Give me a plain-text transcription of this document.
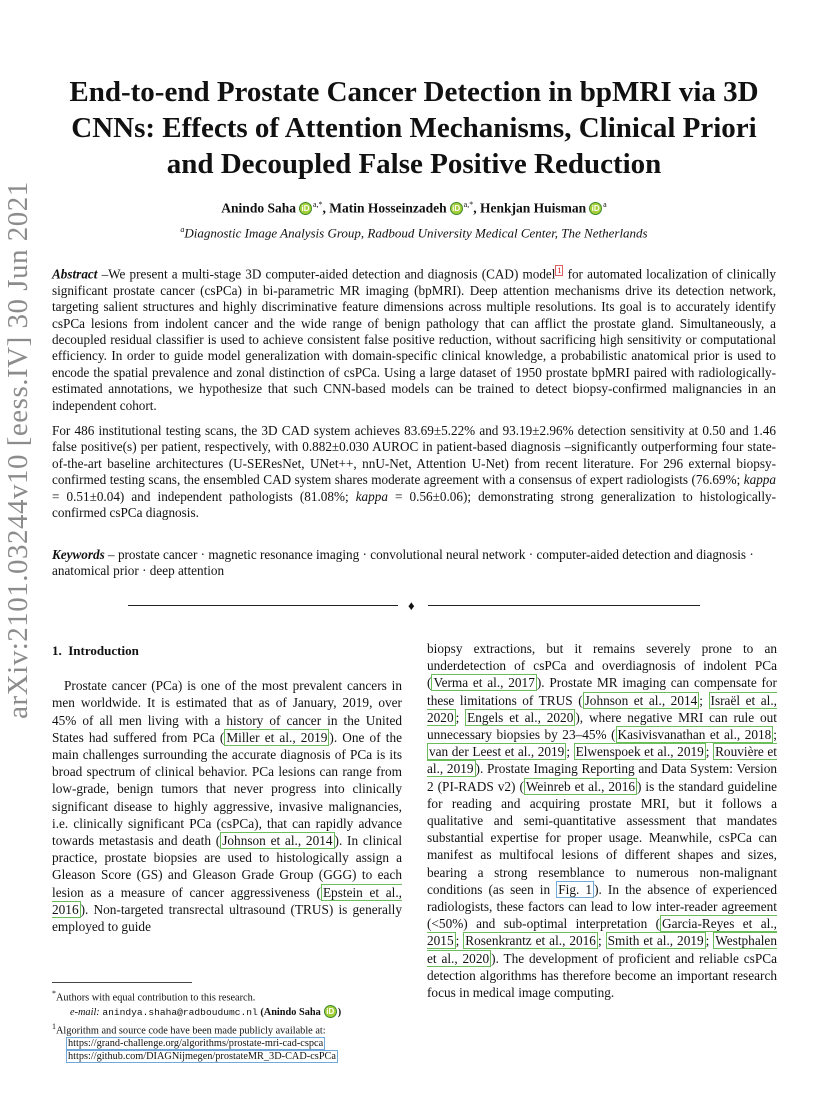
arXiv:2101.03244v10 [eess.IV] 30 Jun 2021
End-to-end Prostate Cancer Detection in bpMRI via 3D CNNs: Effects of Attention Mechanisms, Clinical Priori and Decoupled False Positive Reduction
Anindo Saha iD $^{a,*}$, Matin Hosseinzadeh iD $^{a,*}$, Henkjan Huisman iD $^a$
$^a$Diagnostic Image Analysis Group, Radboud University Medical Center, The Netherlands

Abstract –We present a multi-stage 3D computer-aided detection and diagnosis (CAD) model $^1$ for automated localization of clinically significant prostate cancer (csPCa) in bi-parametric MR imaging (bpMRI). Deep attention mechanisms drive its detection network, targeting salient structures and highly discriminative feature dimensions across multiple resolutions. Its goal is to accurately identify csPCa lesions from indolent cancer and the wide range of benign pathology that can afflict the prostate gland. Simultaneously, a decoupled residual classifier is used to achieve consistent false positive reduction, without sacrificing high sensitivity or computational efficiency. In order to guide model generalization with domain-specific clinical knowledge, a probabilistic anatomical prior is used to encode the spatial prevalence and zonal distinction of csPCa. Using a large dataset of 1950 prostate bpMRI paired with radiologically-estimated annotations, we hypothesize that such CNN-based models can be trained to detect biopsy-confirmed malignancies in an independent cohort.

For 486 institutional testing scans, the 3D CAD system achieves 83.69±5.22% and 93.19±2.96% detection sensitivity at 0.50 and 1.46 false positive(s) per patient, respectively, with 0.882±0.030 AUROC in patient-based diagnosis –significantly outperforming four state-of-the-art baseline architectures (U-SEResNet, UNet++, nnU-Net, Attention U-Net) from recent literature. For 296 external biopsy-confirmed testing scans, the ensembled CAD system shares moderate agreement with a consensus of expert radiologists (76.69%; kappa = 0.51±0.04) and independent pathologists (81.08%; kappa = 0.56±0.06); demonstrating strong generalization to histologically-confirmed csPCa diagnosis.

Keywords – prostate cancer · magnetic resonance imaging · convolutional neural network · computer-aided detection and diagnosis · anatomical prior · deep attention
♦
1. Introduction

Prostate cancer (PCa) is one of the most prevalent cancers in men worldwide. It is estimated that as of January, 2019, over 45% of all men living with a history of cancer in the United States had suffered from PCa ( Miller et al., 2019 ). One of the main challenges surrounding the accurate diagnosis of PCa is its broad spectrum of clinical behavior. PCa lesions can range from low-grade, benign tumors that never progress into clinically significant disease to highly aggressive, invasive malignancies, i.e. clinically significant PCa (csPCa), that can rapidly advance towards metastasis and death ( Johnson et al., 2014 ). In clinical practice, prostate biopsies are used to histologically assign a Gleason Score (GS) and Gleason Grade Group (GGG) to each lesion as a measure of cancer aggressiveness ( Epstein et al., 2016 ). Non-targeted transrectal ultrasound (TRUS) is generally employed to guide

biopsy extractions, but it remains severely prone to an underdetection of csPCa and overdiagnosis of indolent PCa ( Verma et al., 2017 ). Prostate MR imaging can compensate for these limitations of TRUS ( Johnson et al., 2014 ; Israël et al., 2020 ; Engels et al., 2020 ), where negative MRI can rule out unnecessary biopsies by 23–45% ( Kasivisvanathan et al., 2018 ; van der Leest et al., 2019 ; Elwenspoek et al., 2019 ; Rouvière et al., 2019 ). Prostate Imaging Reporting and Data System: Version 2 (PI-RADS v2) ( Weinreb et al., 2016 ) is the standard guideline for reading and acquiring prostate MRI, but it follows a qualitative and semi-quantitative assessment that mandates substantial expertise for proper usage. Meanwhile, csPCa can manifest as multifocal lesions of different shapes and sizes, bearing a strong resemblance to numerous non-malignant conditions (as seen in Fig. 1 ). In the absence of experienced radiologists, these factors can lead to low inter-reader agreement (<50%) and sub-optimal interpretation ( Garcia-Reyes et al., 2015 ; Rosenkrantz et al., 2016 ; Smith et al., 2019 ; Westphalen et al., 2020 ). The development of proficient and reliable csPCa detection algorithms has therefore become an important research focus in medical image computing.

*Authors with equal contribution to this research.

e-mail: anindya.shaha@radboudumc.nl (Anindo Saha iD )

$^1$Algorithm and source code have been made publicly available at:

https://grand-challenge.org/algorithms/prostate-mri-cad-cspca

https://github.com/DIAGNijmegen/prostateMR_3D-CAD-csPCa
